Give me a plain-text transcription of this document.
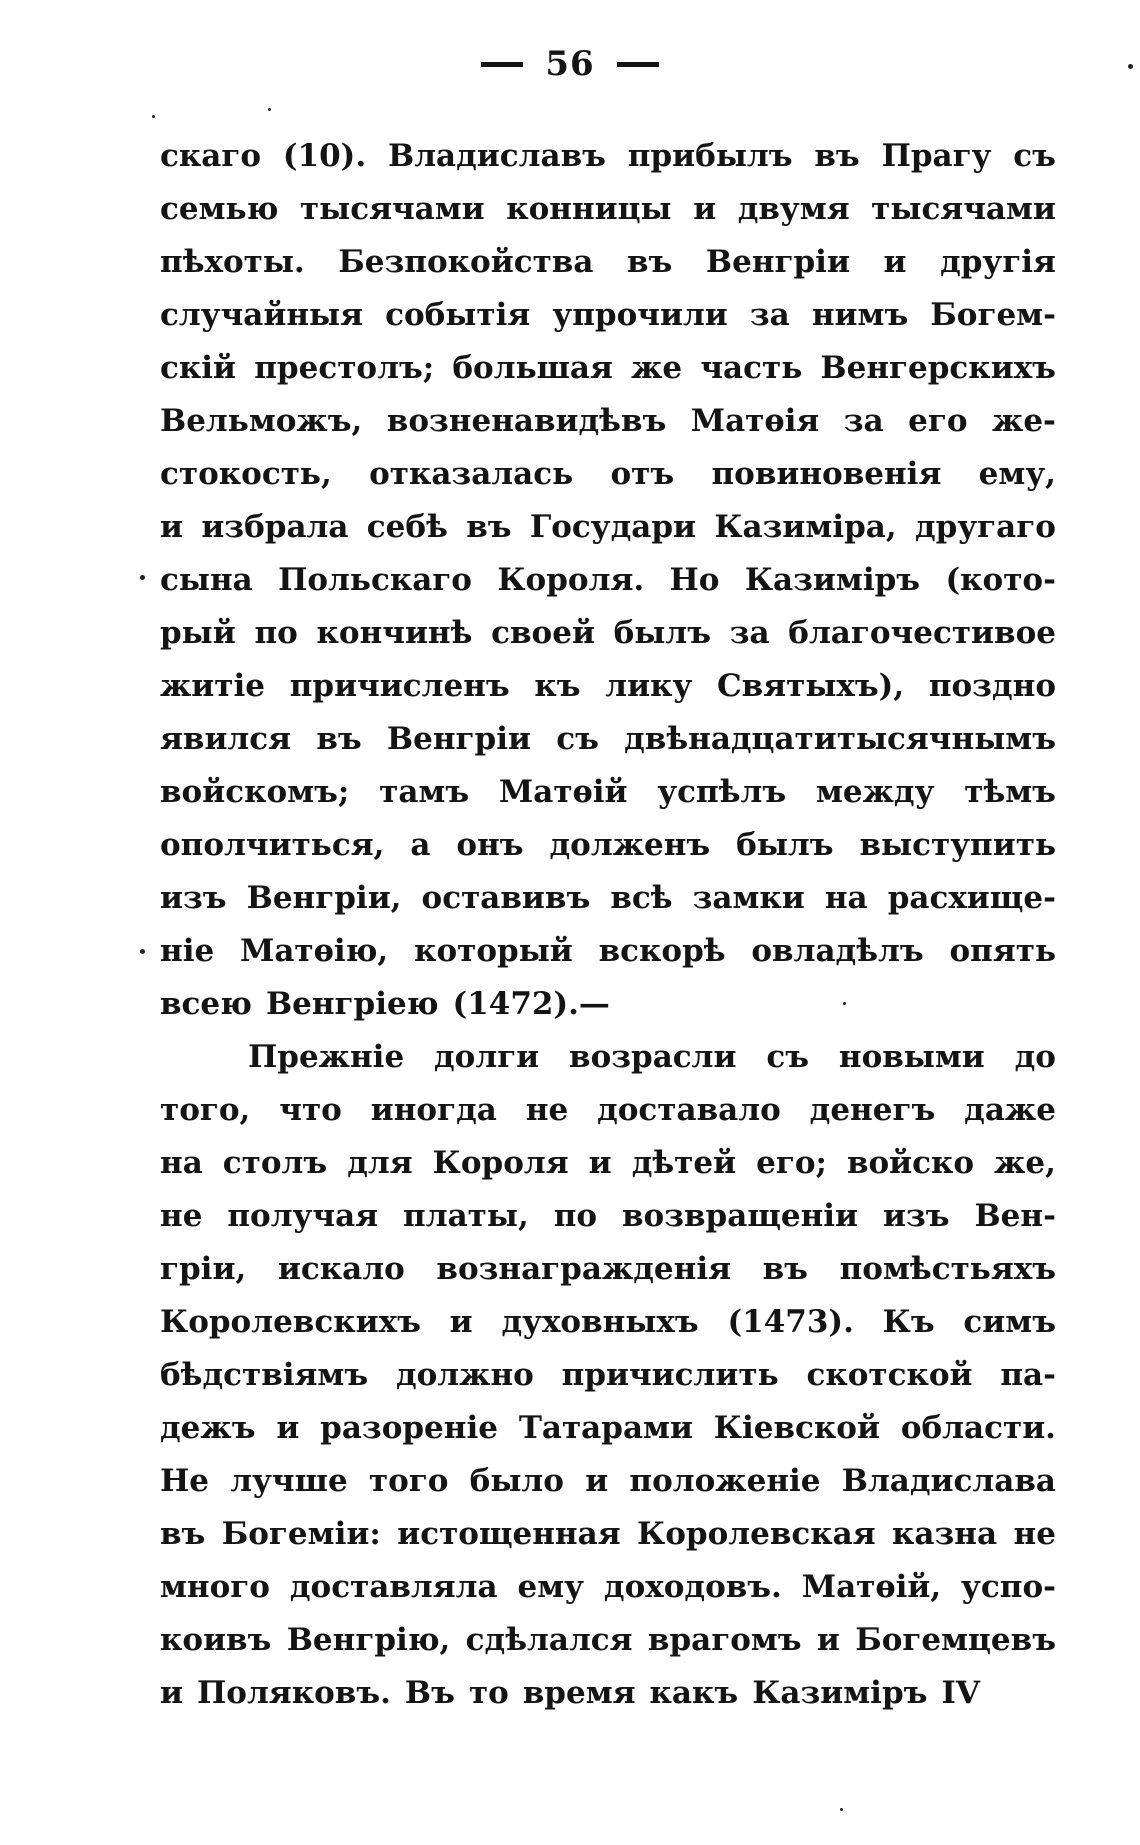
56
скаго (10). Владиславъ прибылъ въ Прагу съ
семью тысячами конницы и двумя тысячами
пѣхоты. Безпокойства въ Венгріи и другія
случайныя событія упрочили за нимъ Богем-
скій престолъ; большая же часть Венгерскихъ
Вельможъ, возненавидѣвъ Матѳія за его же-
стокость, отказалась отъ повиновенія ему,
и избрала себѣ въ Государи Казиміра, другаго
сына Польскаго Короля. Но Казиміръ (кото-
рый по кончинѣ своей былъ за благочестивое
житіе причисленъ къ лику Святыхъ), поздно
явился въ Венгріи съ двѣнадцатитысячнымъ
войскомъ; тамъ Матѳій успѣлъ между тѣмъ
ополчиться, а онъ долженъ былъ выступить
изъ Венгріи, оставивъ всѣ замки на расхище-
ніе Матѳію, который вскорѣ овладѣлъ опять
всею Венгріею (1472).—
Прежніе долги возрасли съ новыми до
того, что иногда не доставало денегъ даже
на столъ для Короля и дѣтей его; войско же,
не получая платы, по возвращеніи изъ Вен-
гріи, искало вознагражденія въ помѣстьяхъ
Королевскихъ и духовныхъ (1473). Къ симъ
бѣдствіямъ должно причислить скотской па-
дежъ и разореніе Татарами Кіевской области.
Не лучше того было и положеніе Владислава
въ Богеміи: истощенная Королевская казна не
много доставляла ему доходовъ. Матѳій, успо-
коивъ Венгрію, сдѣлался врагомъ и Богемцевъ
и Поляковъ. Въ то время какъ Казиміръ IV
